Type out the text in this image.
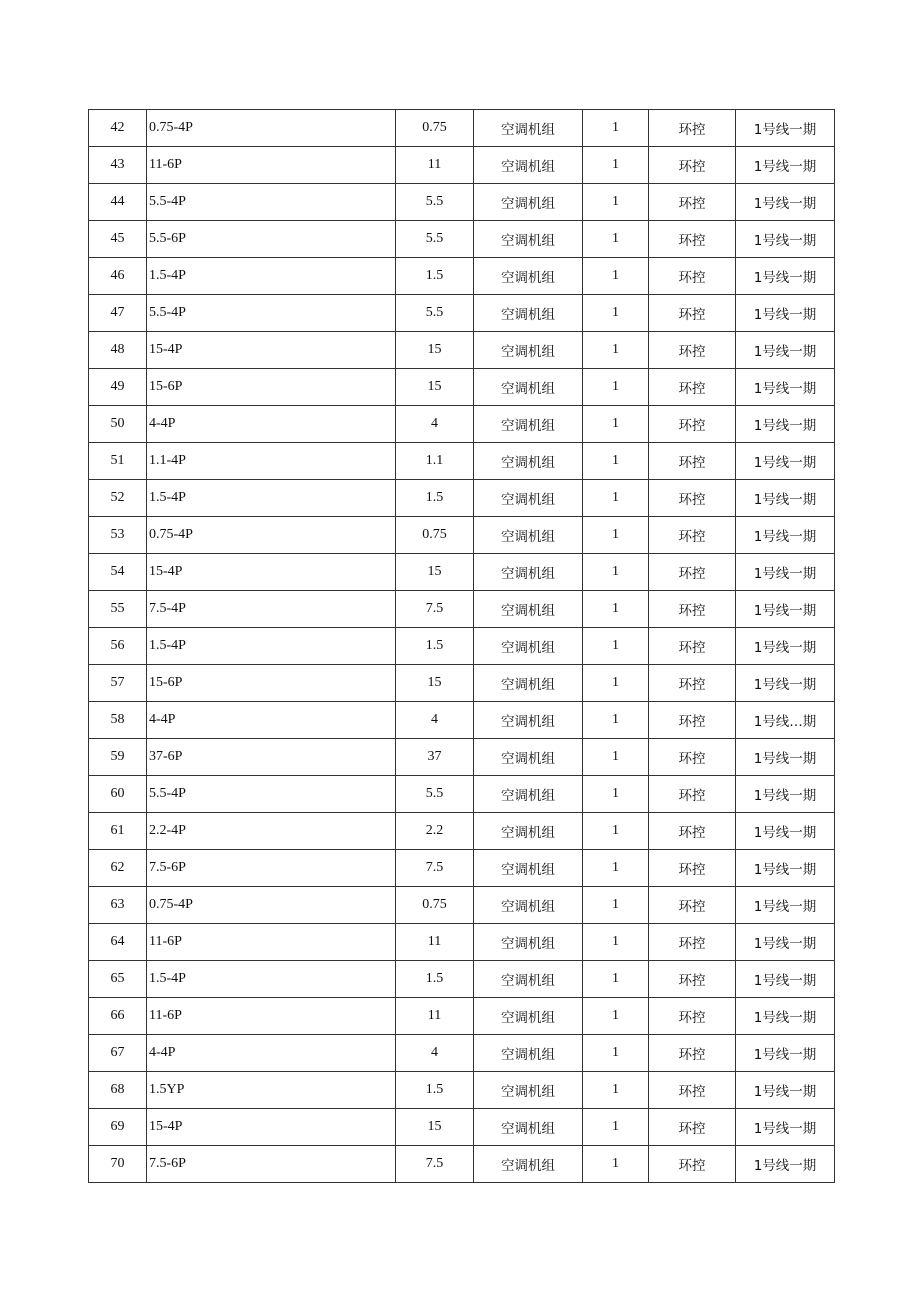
42	0.75-4P	0.75	空调机组	1	环控	1号线一期
43	11-6P	11	空调机组	1	环控	1号线一期
44	5.5-4P	5.5	空调机组	1	环控	1号线一期
45	5.5-6P	5.5	空调机组	1	环控	1号线一期
46	1.5-4P	1.5	空调机组	1	环控	1号线一期
47	5.5-4P	5.5	空调机组	1	环控	1号线一期
48	15-4P	15	空调机组	1	环控	1号线一期
49	15-6P	15	空调机组	1	环控	1号线一期
50	4-4P	4	空调机组	1	环控	1号线一期
51	1.1-4P	1.1	空调机组	1	环控	1号线一期
52	1.5-4P	1.5	空调机组	1	环控	1号线一期
53	0.75-4P	0.75	空调机组	1	环控	1号线一期
54	15-4P	15	空调机组	1	环控	1号线一期
55	7.5-4P	7.5	空调机组	1	环控	1号线一期
56	1.5-4P	1.5	空调机组	1	环控	1号线一期
57	15-6P	15	空调机组	1	环控	1号线一期
58	4-4P	4	空调机组	1	环控	1号线…期
59	37-6P	37	空调机组	1	环控	1号线一期
60	5.5-4P	5.5	空调机组	1	环控	1号线一期
61	2.2-4P	2.2	空调机组	1	环控	1号线一期
62	7.5-6P	7.5	空调机组	1	环控	1号线一期
63	0.75-4P	0.75	空调机组	1	环控	1号线一期
64	11-6P	11	空调机组	1	环控	1号线一期
65	1.5-4P	1.5	空调机组	1	环控	1号线一期
66	11-6P	11	空调机组	1	环控	1号线一期
67	4-4P	4	空调机组	1	环控	1号线一期
68	1.5YP	1.5	空调机组	1	环控	1号线一期
69	15-4P	15	空调机组	1	环控	1号线一期
70	7.5-6P	7.5	空调机组	1	环控	1号线一期
